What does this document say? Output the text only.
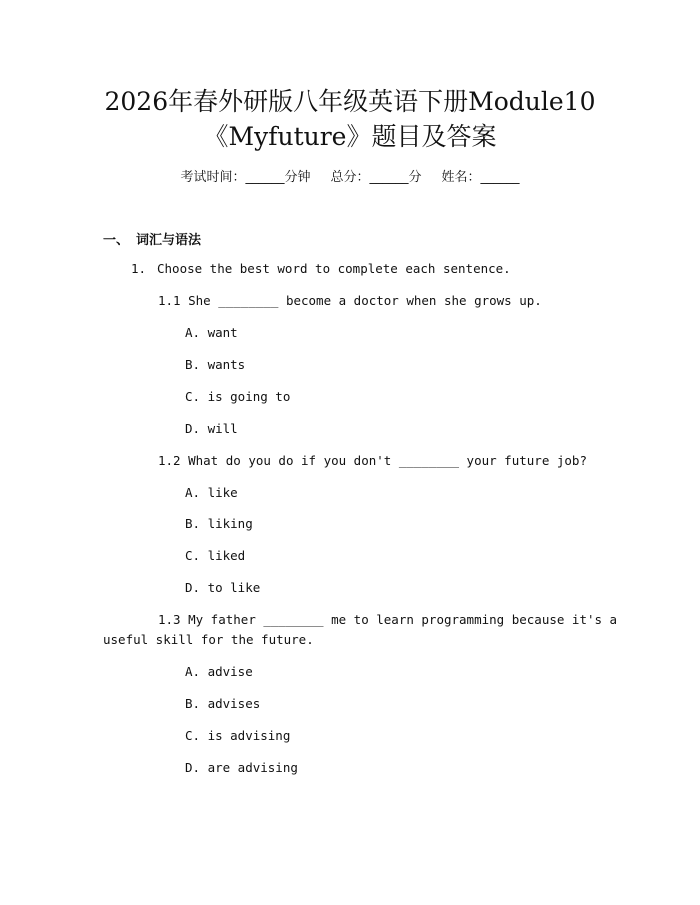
2026年春外研版八年级英语下册Module10
《Myfuture》题目及答案
考试时间：______分钟 总分：______分 姓名：______
一、 词汇与语法
1. Choose the best word to complete each sentence.
1.1 She ________ become a doctor when she grows up.
A. want
B. wants
C. is going to
D. will
1.2 What do you do if you don't ________ your future job?
A. like
B. liking
C. liked
D. to like
1.3 My father ________ me to learn programming because it's a
useful skill for the future.
A. advise
B. advises
C. is advising
D. are advising
